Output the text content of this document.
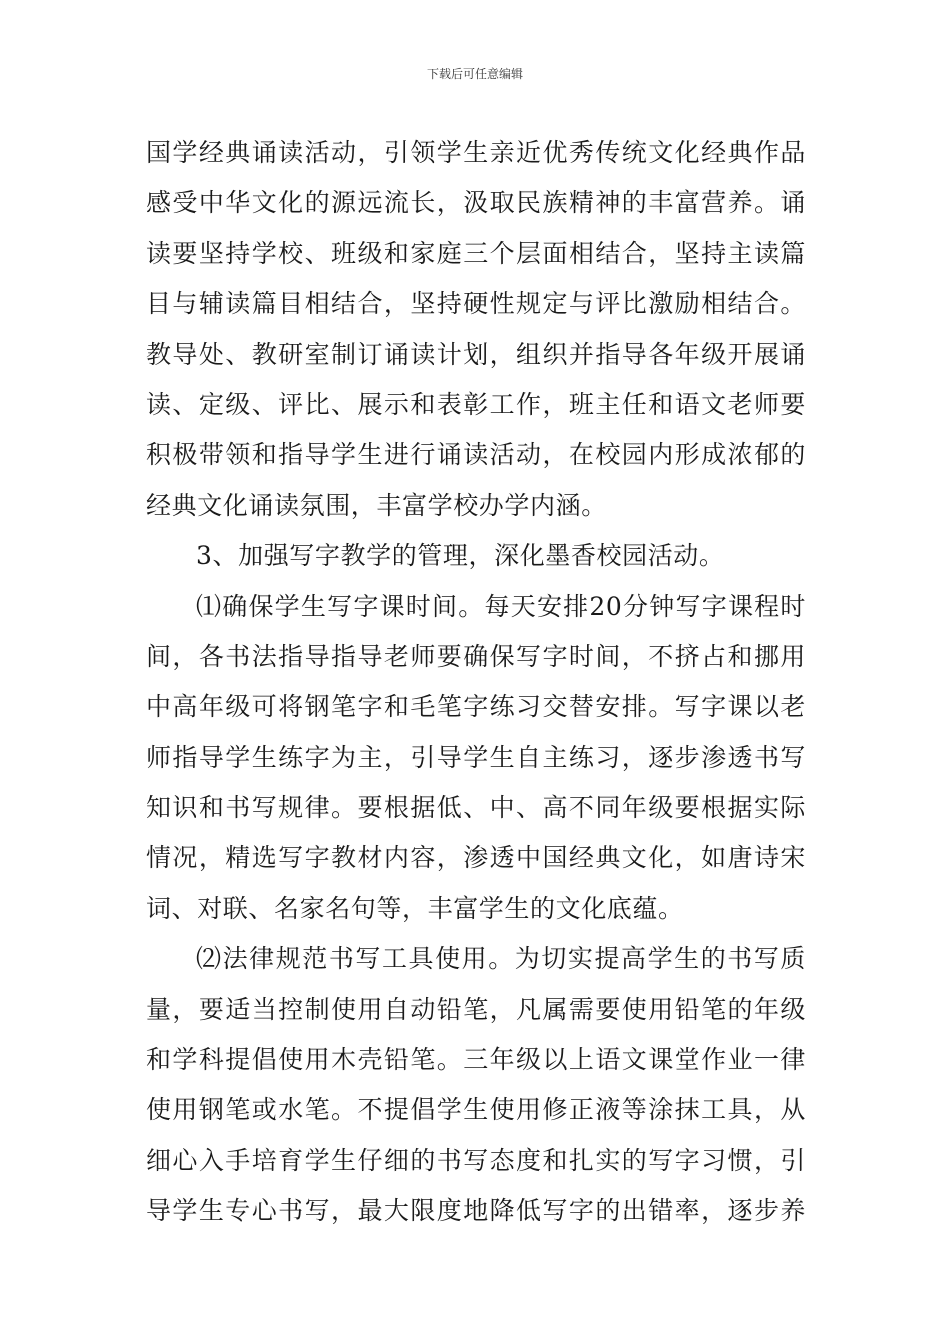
下载后可任意编辑
国学经典诵读活动，引领学生亲近优秀传统文化经典作品
感受中华文化的源远流长，汲取民族精神的丰富营养。诵
读要坚持学校、班级和家庭三个层面相结合，坚持主读篇
目与辅读篇目相结合，坚持硬性规定与评比激励相结合。
教导处、教研室制订诵读计划，组织并指导各年级开展诵
读、定级、评比、展示和表彰工作，班主任和语文老师要
积极带领和指导学生进行诵读活动，在校园内形成浓郁的
经典文化诵读氛围，丰富学校办学内涵。
3、加强写字教学的管理，深化墨香校园活动。
⑴确保学生写字课时间。每天安排20分钟写字课程时
间，各书法指导指导老师要确保写字时间，不挤占和挪用
中高年级可将钢笔字和毛笔字练习交替安排。写字课以老
师指导学生练字为主，引导学生自主练习，逐步渗透书写
知识和书写规律。要根据低、中、高不同年级要根据实际
情况，精选写字教材内容，渗透中国经典文化，如唐诗宋
词、对联、名家名句等，丰富学生的文化底蕴。
⑵法律规范书写工具使用。为切实提高学生的书写质
量，要适当控制使用自动铅笔，凡属需要使用铅笔的年级
和学科提倡使用木壳铅笔。三年级以上语文课堂作业一律
使用钢笔或水笔。不提倡学生使用修正液等涂抹工具，从
细心入手培育学生仔细的书写态度和扎实的写字习惯，引
导学生专心书写，最大限度地降低写字的出错率，逐步养
